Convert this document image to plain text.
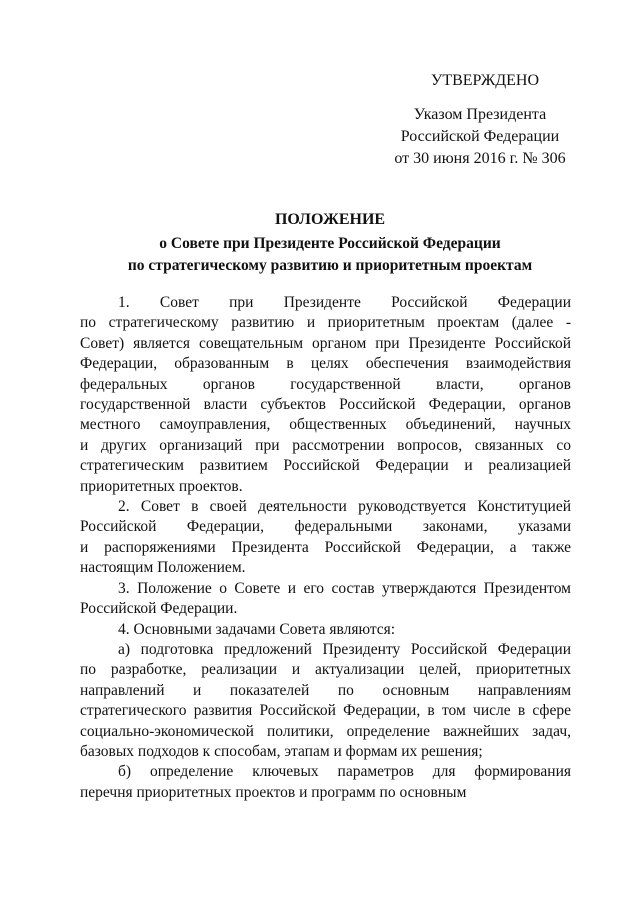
УТВЕРЖДЕНО
Указом Президента
Российской Федерации
от 30 июня 2016 г. № 306
ПОЛОЖЕНИЕ
о Совете при Президенте Российской Федерации
по стратегическому развитию и приоритетным проектам

1. Совет при Президенте Российской Федерации
по стратегическому развитию и приоритетным проектам (далее -
Совет) является совещательным органом при Президенте Российской
Федерации, образованным в целях обеспечения взаимодействия
федеральных органов государственной власти, органов
государственной власти субъектов Российской Федерации, органов
местного самоуправления, общественных объединений, научных
и других организаций при рассмотрении вопросов, связанных со
стратегическим развитием Российской Федерации и реализацией
приоритетных проектов.

2. Совет в своей деятельности руководствуется Конституцией
Российской Федерации, федеральными законами, указами
и распоряжениями Президента Российской Федерации, а также
настоящим Положением.

3. Положение о Совете и его состав утверждаются Президентом
Российской Федерации.

4. Основными задачами Совета являются:

а) подготовка предложений Президенту Российской Федерации
по разработке, реализации и актуализации целей, приоритетных
направлений и показателей по основным направлениям
стратегического развития Российской Федерации, в том числе в сфере
социально-экономической политики, определение важнейших задач,
базовых подходов к способам, этапам и формам их решения;

б) определение ключевых параметров для формирования
перечня приоритетных проектов и программ по основным
